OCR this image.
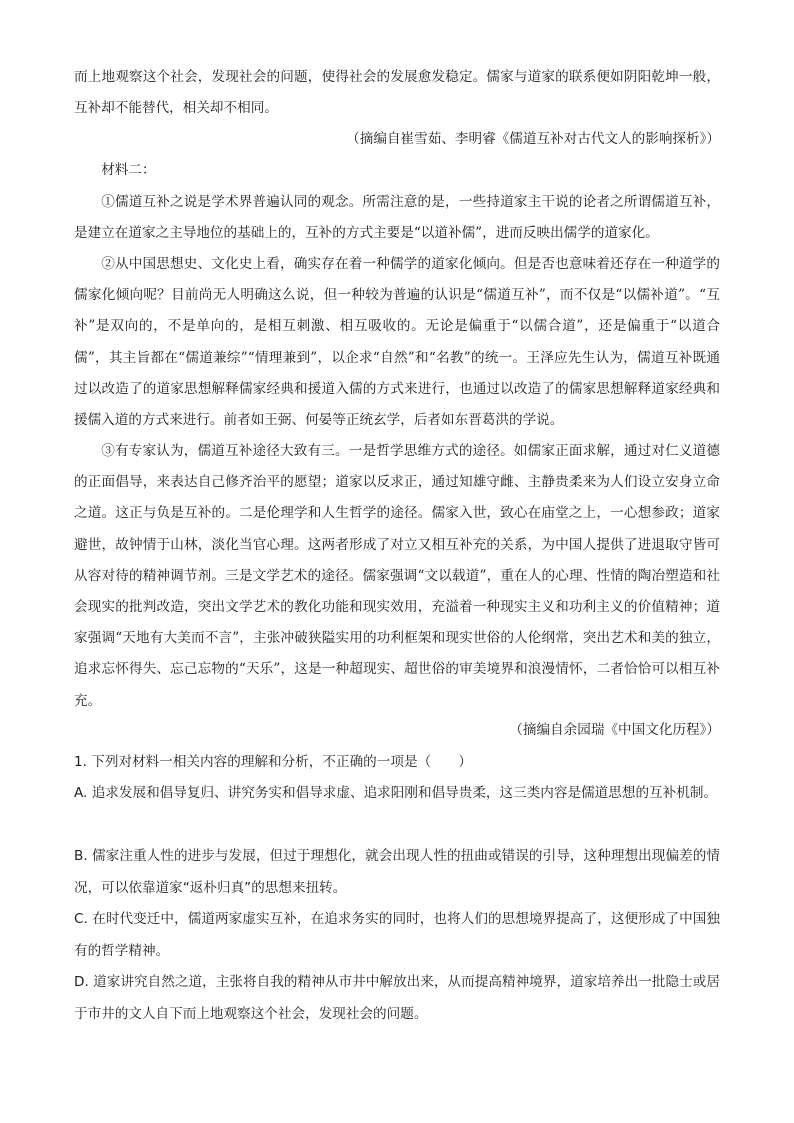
而上地观察这个社会，发现社会的问题，使得社会的发展愈发稳定。儒家与道家的联系便如阴阳乾坤一般，互补却不能替代，相关却不相同。
（摘编自崔雪茹、李明睿《儒道互补对古代文人的影响探析》）
材料二：
①儒道互补之说是学术界普遍认同的观念。所需注意的是，一些持道家主干说的论者之所谓儒道互补，是建立在道家之主导地位的基础上的，互补的方式主要是“以道补儒”，进而反映出儒学的道家化。
②从中国思想史、文化史上看，确实存在着一种儒学的道家化倾向。但是否也意味着还存在一种道学的儒家化倾向呢？目前尚无人明确这么说，但一种较为普遍的认识是“儒道互补”，而不仅是“以儒补道”。“互补”是双向的，不是单向的，是相互刺激、相互吸收的。无论是偏重于“以儒合道”，还是偏重于“以道合儒”，其主旨都在“儒道兼综”“情理兼到”，以企求“自然”和“名教”的统一。王泽应先生认为，儒道互补既通过以改造了的道家思想解释儒家经典和援道入儒的方式来进行，也通过以改造了的儒家思想解释道家经典和援儒入道的方式来进行。前者如王弼、何晏等正统玄学，后者如东晋葛洪的学说。
③有专家认为，儒道互补途径大致有三。一是哲学思维方式的途径。如儒家正面求解，通过对仁义道德的正面倡导，来表达自己修齐治平的愿望；道家以反求正，通过知雄守雌、主静贵柔来为人们设立安身立命之道。这正与负是互补的。二是伦理学和人生哲学的途径。儒家入世，致心在庙堂之上，一心想参政；道家避世，故钟情于山林，淡化当官心理。这两者形成了对立又相互补充的关系，为中国人提供了进退取守皆可从容对待的精神调节剂。三是文学艺术的途径。儒家强调“文以载道”，重在人的心理、性情的陶冶塑造和社会现实的批判改造，突出文学艺术的教化功能和现实效用，充溢着一种现实主义和功利主义的价值精神；道家强调“天地有大美而不言”，主张冲破狭隘实用的功利框架和现实世俗的人伦纲常，突出艺术和美的独立，追求忘怀得失、忘己忘物的“天乐”，这是一种超现实、超世俗的审美境界和浪漫情怀，二者恰恰可以相互补充。
（摘编自余园瑞《中国文化历程》）
1. 下列对材料一相关内容的理解和分析，不正确的一项是（　　）
A. 追求发展和倡导复归、讲究务实和倡导求虚、追求阳刚和倡导贵柔，这三类内容是儒道思想的互补机制。
B. 儒家注重人性的进步与发展，但过于理想化，就会出现人性的扭曲或错误的引导，这种理想出现偏差的情况，可以依靠道家“返朴归真”的思想来扭转。
C. 在时代变迁中，儒道两家虚实互补，在追求务实的同时，也将人们的思想境界提高了，这便形成了中国独有的哲学精神。
D. 道家讲究自然之道，主张将自我的精神从市井中解放出来，从而提高精神境界，道家培养出一批隐士或居于市井的文人自下而上地观察这个社会，发现社会的问题。
